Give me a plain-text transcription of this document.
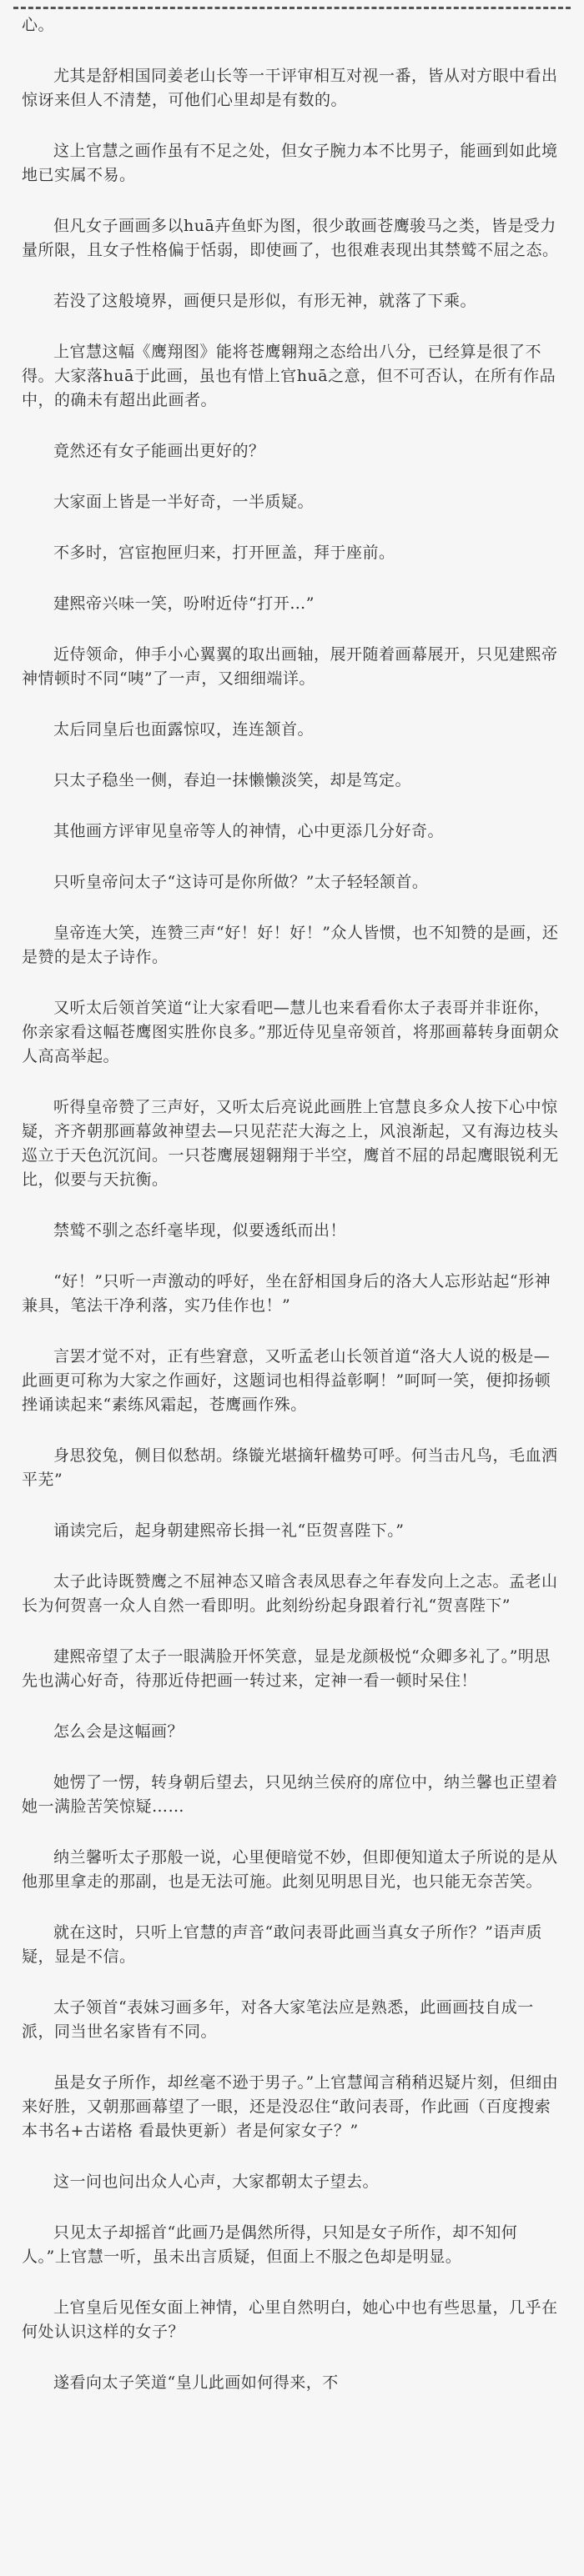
心。

尤其是舒相国同姜老山长等一干评审相互对视一番，皆从对方眼中看出惊讶来但人不清楚，可他们心里却是有数的。

这上官慧之画作虽有不足之处，但女子腕力本不比男子，能画到如此境地已实属不易。

但凡女子画画多以huā卉鱼虾为图，很少敢画苍鹰骏马之类，皆是受力量所限，且女子性格偏于恬弱，即使画了，也很难表现出其禁鹫不屈之态。

若没了这般境界，画便只是形似，有形无神，就落了下乘。

上官慧这幅《鹰翔图》能将苍鹰翱翔之态给出八分，已经算是很了不得。大家落huā于此画，虽也有惜上官huā之意，但不可否认，在所有作品中，的确未有超出此画者。

竟然还有女子能画出更好的？

大家面上皆是一半好奇，一半质疑。

不多时，宫宦抱匣归来，打开匣盖，拜于座前。

建熙帝兴味一笑，吩咐近侍“打开…”

近侍领命，伸手小心翼翼的取出画轴，展开随着画幕展开，只见建熙帝神情顿时不同“咦”了一声，又细细端详。

太后同皇后也面露惊叹，连连颔首。

只太子稳坐一侧，春迫一抹懒懒淡笑，却是笃定。

其他画方评审见皇帝等人的神情，心中更添几分好奇。

只听皇帝问太子“这诗可是你所做？”太子轻轻颔首。

皇帝连大笑，连赞三声“好！好！好！”众人皆惯，也不知赞的是画，还是赞的是太子诗作。

又听太后领首笑道“让大家看吧—慧儿也来看看你太子表哥并非诳你，你亲家看这幅苍鹰图实胜你良多。”那近侍见皇帝领首，将那画幕转身面朝众人高高举起。

听得皇帝赞了三声好，又听太后亮说此画胜上官慧良多众人按下心中惊疑，齐齐朝那画幕敛神望去—只见茫茫大海之上，风浪渐起，又有海边枝头巡立于天色沉沉间。一只苍鹰展翅翱翔于半空，鹰首不屈的昂起鹰眼锐利无比，似要与天抗衡。

禁鹫不驯之态纤毫毕现，似要透纸而出！

“好！”只听一声激动的呼好，坐在舒相国身后的洛大人忘形站起“形神兼具，笔法干净利落，实乃佳作也！”

言罢才觉不对，正有些窘意，又听孟老山长领首道“洛大人说的极是—此画更可称为大家之作画好，这题词也相得益彰啊！”呵呵一笑，便抑扬顿挫诵读起来“素练风霜起，苍鹰画作殊。

身思狡兔，侧目似愁胡。绦镟光堪摘轩楹势可呼。何当击凡鸟，毛血洒平芜”

诵读完后，起身朝建熙帝长揖一礼“臣贺喜陛下。”

太子此诗既赞鹰之不屈神态又暗含表凤思春之年春发向上之志。孟老山长为何贺喜一众人自然一看即明。此刻纷纷起身跟着行礼“贺喜陛下”

建熙帝望了太子一眼满脸开怀笑意，显是龙颜极悦“众卿多礼了。”明思先也满心好奇，待那近侍把画一转过来，定神一看一顿时呆住！

怎么会是这幅画？

她愣了一愣，转身朝后望去，只见纳兰侯府的席位中，纳兰馨也正望着她一满脸苦笑惊疑……

纳兰馨听太子那般一说，心里便暗觉不妙，但即便知道太子所说的是从他那里拿走的那副，也是无法可施。此刻见明思目光，也只能无奈苦笑。

就在这时，只听上官慧的声音“敢问表哥此画当真女子所作？”语声质疑，显是不信。

太子领首“表妹习画多年，对各大家笔法应是熟悉，此画画技自成一派，同当世名家皆有不同。

虽是女子所作，却丝毫不逊于男子。”上官慧闻言稍稍迟疑片刻，但细由来好胜，又朝那画幕望了一眼，还是没忍住“敢问表哥，作此画（百度搜索本书名+古诺格 看最快更新）者是何家女子？”

这一问也问出众人心声，大家都朝太子望去。

只见太子却摇首“此画乃是偶然所得，只知是女子所作，却不知何人。”上官慧一听，虽未出言质疑，但面上不服之色却是明显。

上官皇后见侄女面上神情，心里自然明白，她心中也有些思量，几乎在何处认识这样的女子？

遂看向太子笑道“皇儿此画如何得来，不
